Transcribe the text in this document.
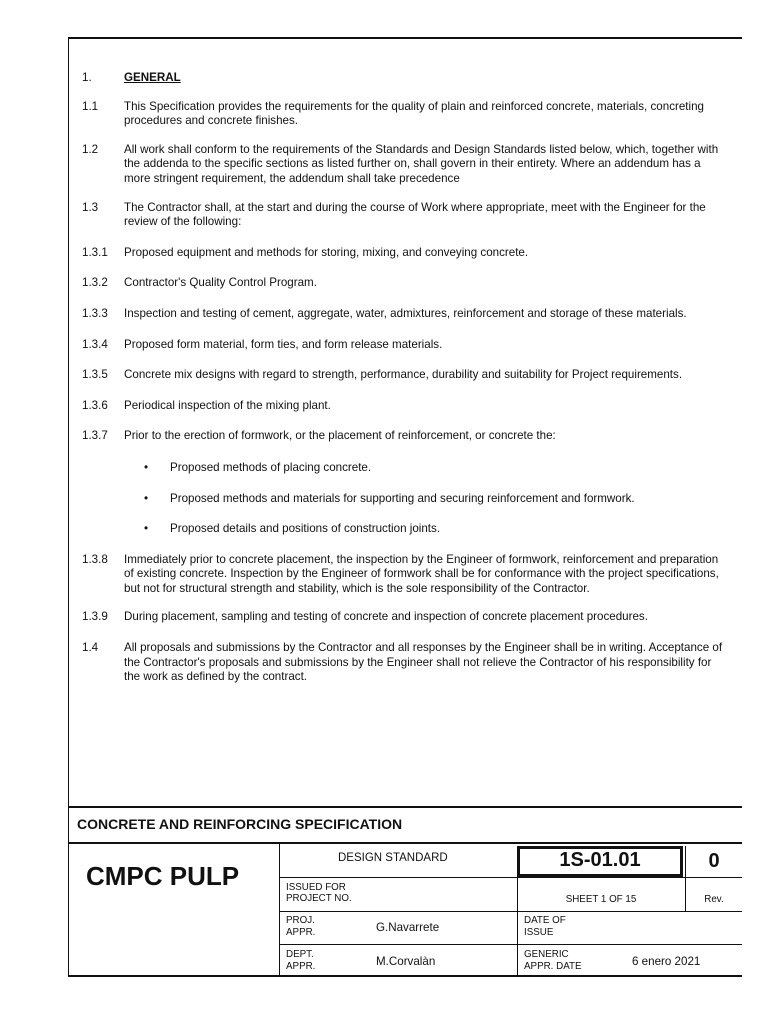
1.	GENERAL
1.1 This Specification provides the requirements for the quality of plain and reinforced concrete, materials, concreting procedures and concrete finishes.
1.2 All work shall conform to the requirements of the Standards and Design Standards listed below, which, together with the addenda to the specific sections as listed further on, shall govern in their entirety. Where an addendum has a more stringent requirement, the addendum shall take precedence
1.3 The Contractor shall, at the start and during the course of Work where appropriate, meet with the Engineer for the review of the following:
1.3.1 Proposed equipment and methods for storing, mixing, and conveying concrete.
1.3.2 Contractor's Quality Control Program.
1.3.3 Inspection and testing of cement, aggregate, water, admixtures, reinforcement and storage of these materials.
1.3.4 Proposed form material, form ties, and form release materials.
1.3.5 Concrete mix designs with regard to strength, performance, durability and suitability for Project requirements.
1.3.6 Periodical inspection of the mixing plant.
1.3.7 Prior to the erection of formwork, or the placement of reinforcement, or concrete the:
• Proposed methods of placing concrete.
• Proposed methods and materials for supporting and securing reinforcement and formwork.
• Proposed details and positions of construction joints.
1.3.8 Immediately prior to concrete placement, the inspection by the Engineer of formwork, reinforcement and preparation of existing concrete. Inspection by the Engineer of formwork shall be for conformance with the project specifications, but not for structural strength and stability, which is the sole responsibility of the Contractor.
1.3.9 During placement, sampling and testing of concrete and inspection of concrete placement procedures.
1.4 All proposals and submissions by the Contractor and all responses by the Engineer shall be in writing. Acceptance of the Contractor's proposals and submissions by the Engineer shall not relieve the Contractor of his responsibility for the work as defined by the contract.
CONCRETE AND REINFORCING SPECIFICATION
CMPC PULP
DESIGN STANDARD	1S-01.01	0
ISSUED FOR
PROJECT NO.	SHEET 1 OF 15	Rev.
PROJ.
APPR.	G.Navarrete
DATE OF
ISSUE
DEPT.
APPR.	M.Corvalàn
GENERIC
APPR. DATE	6 enero 2021
